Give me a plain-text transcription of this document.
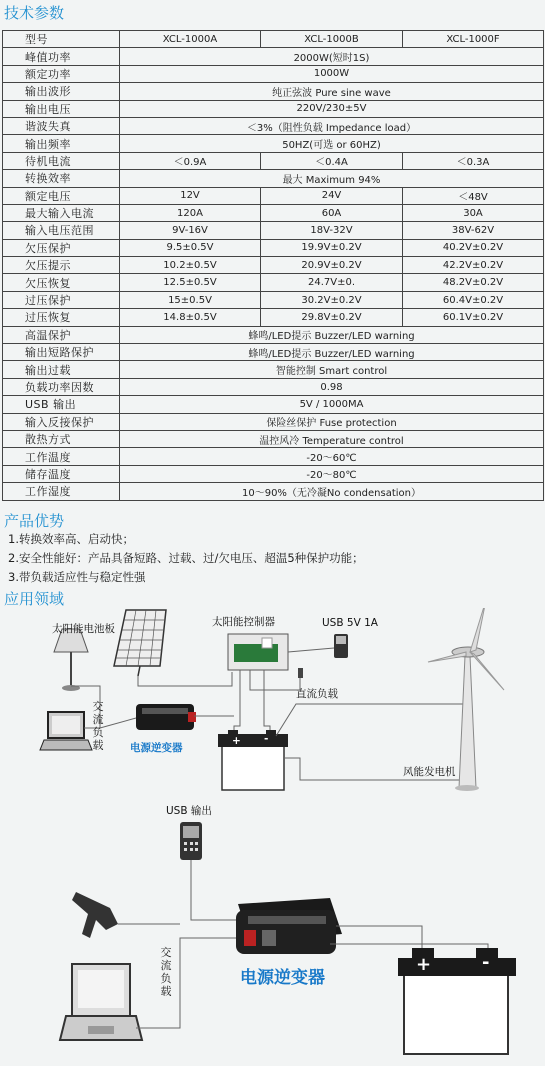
技术参数
型号	XCL-1000A	XCL-1000B	XCL-1000F
峰值功率	2000W(短时1S)		
额定功率	1000W		
输出波形	纯正弦波 Pure sine wave		
输出电压	220V/230±5V		
谐波失真	＜3%（阻性负载 Impedance load）		
输出频率	50HZ(可选 or 60HZ)		
待机电流	＜0.9A	＜0.4A	＜0.3A
转换效率	最大 Maximum 94%		
额定电压	12V	24V	＜48V
最大输入电流	120A	60A	30A
输入电压范围	9V-16V	18V-32V	38V-62V
欠压保护	9.5±0.5V	19.9V±0.2V	40.2V±0.2V
欠压提示	10.2±0.5V	20.9V±0.2V	42.2V±0.2V
欠压恢复	12.5±0.5V	24.7V±0.	48.2V±0.2V
过压保护	15±0.5V	30.2V±0.2V	60.4V±0.2V
过压恢复	14.8±0.5V	29.8V±0.2V	60.1V±0.2V
高温保护	蜂鸣/LED提示 Buzzer/LED warning		
输出短路保护	蜂鸣/LED提示 Buzzer/LED warning		
输出过载	智能控制 Smart control		
负载功率因数	0.98		
USB 输出	5V / 1000MA		
输入反接保护	保险丝保护 Fuse protection		
散热方式	温控风冷 Temperature control		
工作温度	-20～60℃		
储存温度	-20～80℃		
工作湿度	10～90%（无冷凝No condensation）		
产品优势
1.转换效率高、启动快；
2.安全性能好：产品具备短路、过载、过/欠电压、超温5种保护功能；
3.带负载适应性与稳定性强
应用领域
太阳能电池板
太阳能控制器	USB 5V 1A
直流负载
交流负载	电源逆变器
+ -
风能发电机
USB 输出
交流负载
电源逆变器
+	-
